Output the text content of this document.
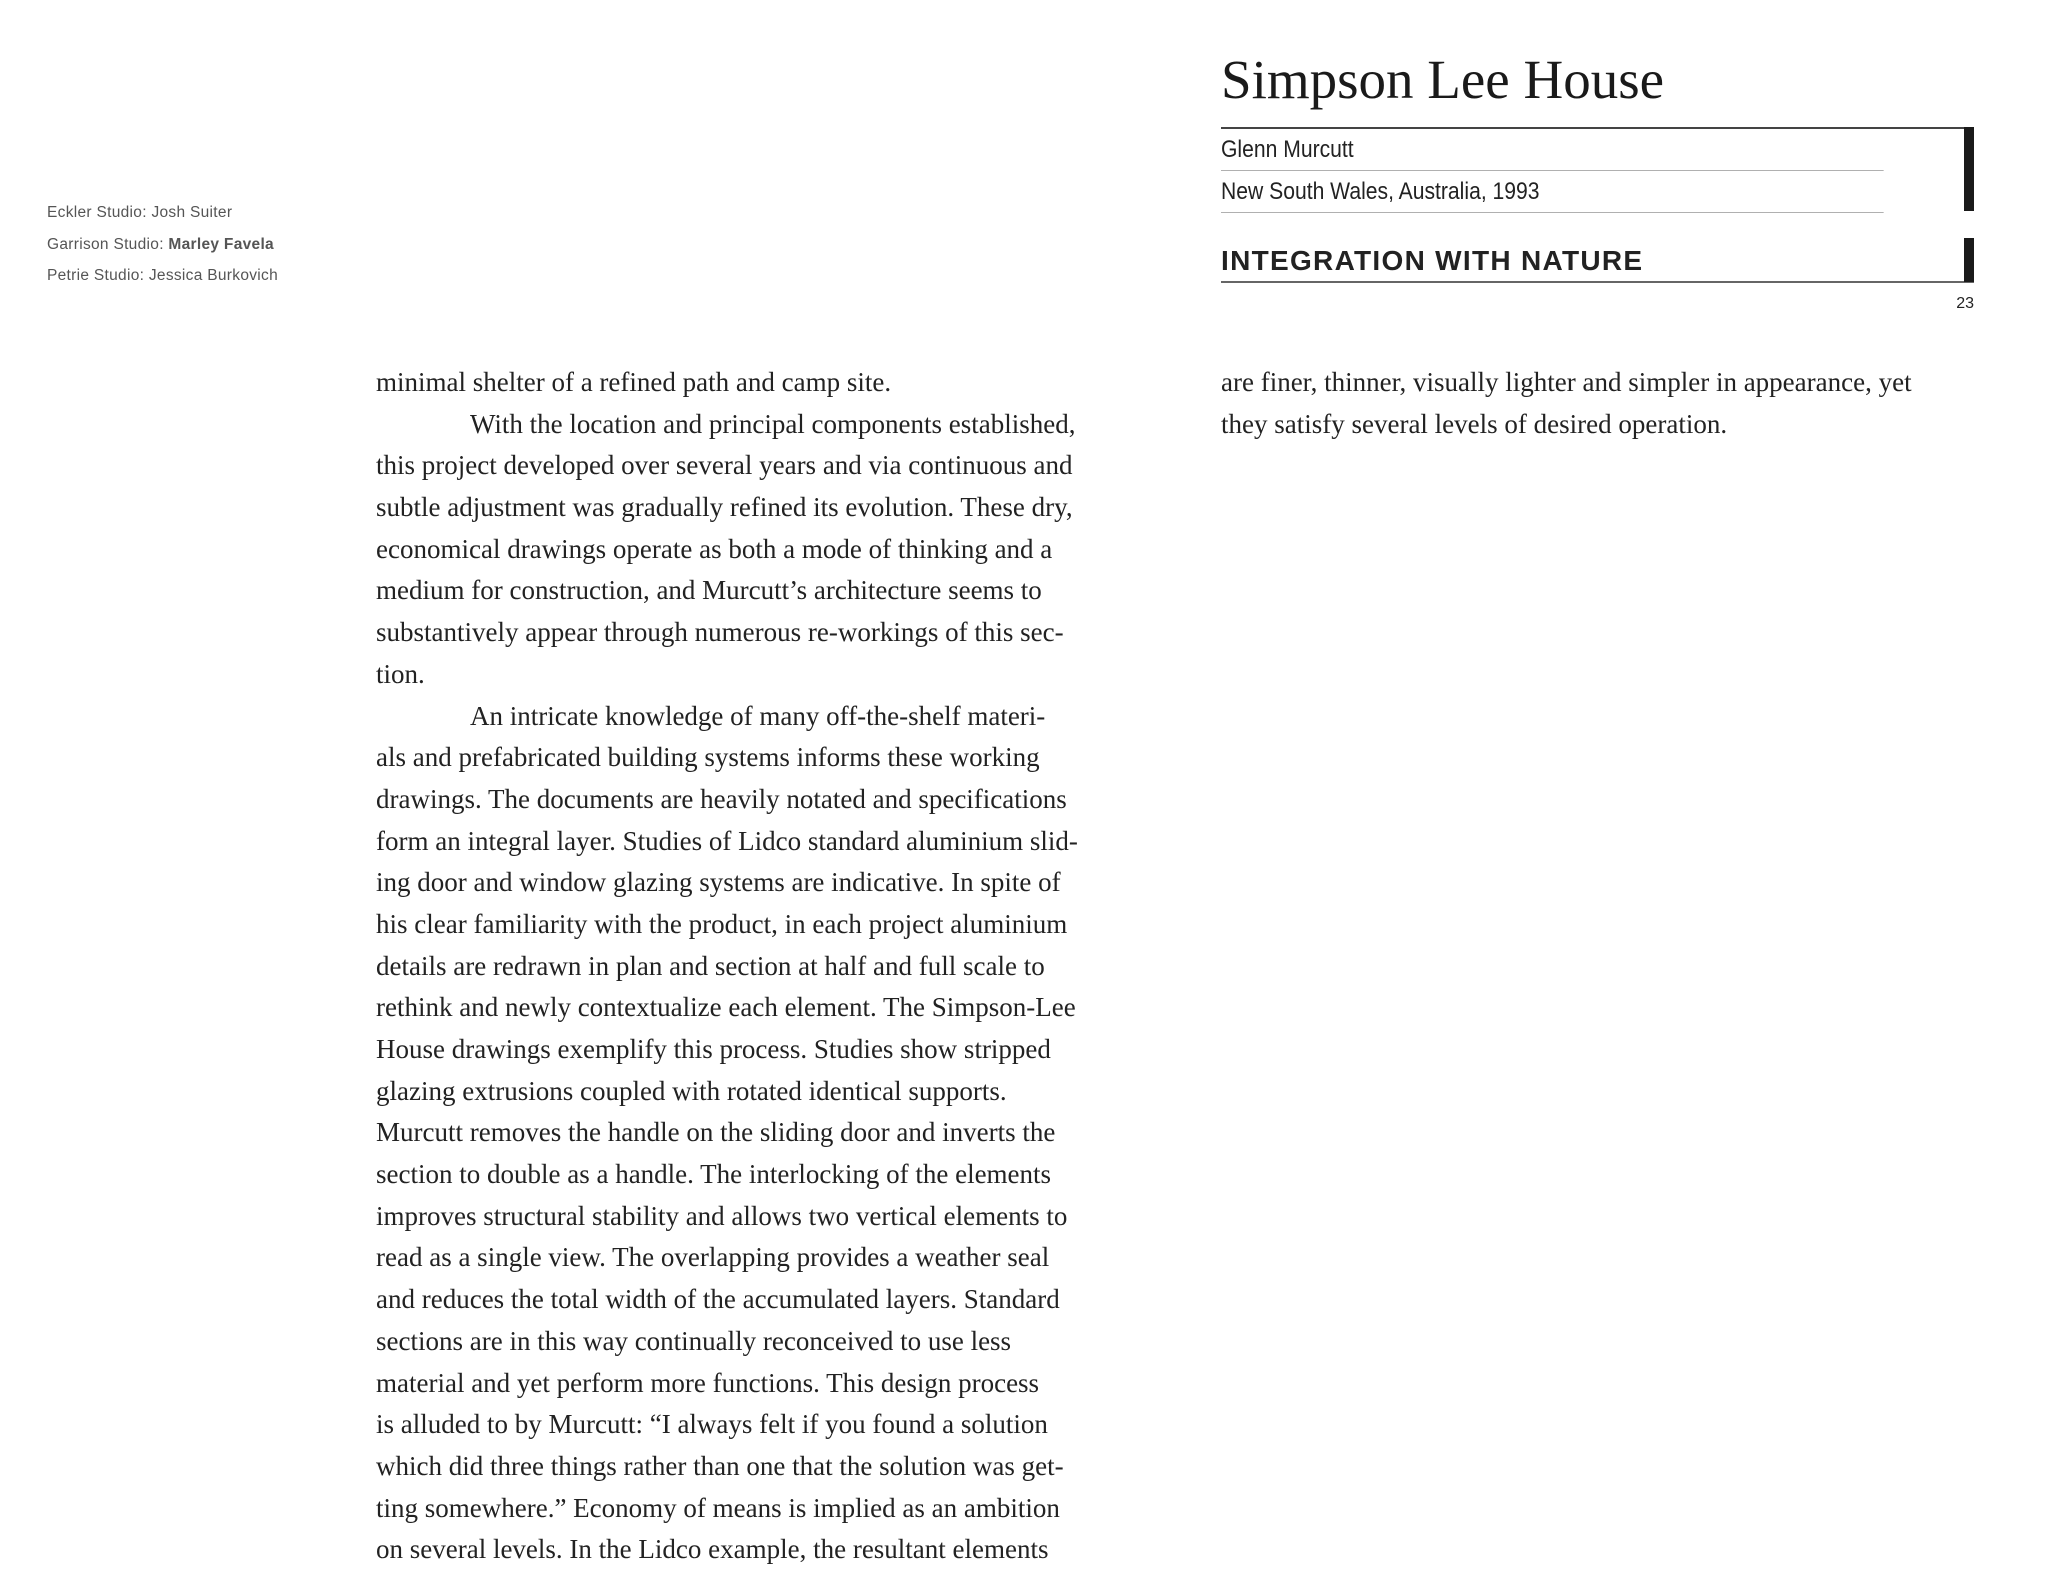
Eckler Studio: Josh Suiter
Garrison Studio: Marley Favela
Petrie Studio: Jessica Burkovich
Simpson Lee House
Glenn Murcutt
New South Wales, Australia, 1993
INTEGRATION WITH NATURE
23
minimal shelter of a refined path and camp site.
With the location and principal components established,
this project developed over several years and via continuous and
subtle adjustment was gradually refined its evolution. These dry,
economical drawings operate as both a mode of thinking and a
medium for construction, and Murcutt’s architecture seems to
substantively appear through numerous re-workings of this sec-
tion.
An intricate knowledge of many off-the-shelf materi-
als and prefabricated building systems informs these working
drawings. The documents are heavily notated and specifications
form an integral layer. Studies of Lidco standard aluminium slid-
ing door and window glazing systems are indicative. In spite of
his clear familiarity with the product, in each project aluminium
details are redrawn in plan and section at half and full scale to
rethink and newly contextualize each element. The Simpson-Lee
House drawings exemplify this process. Studies show stripped
glazing extrusions coupled with rotated identical supports.
Murcutt removes the handle on the sliding door and inverts the
section to double as a handle. The interlocking of the elements
improves structural stability and allows two vertical elements to
read as a single view. The overlapping provides a weather seal
and reduces the total width of the accumulated layers. Standard
sections are in this way continually reconceived to use less
material and yet perform more functions. This design process
is alluded to by Murcutt: “I always felt if you found a solution
which did three things rather than one that the solution was get-
ting somewhere.” Economy of means is implied as an ambition
on several levels. In the Lidco example, the resultant elements
are finer, thinner, visually lighter and simpler in appearance, yet
they satisfy several levels of desired operation.
